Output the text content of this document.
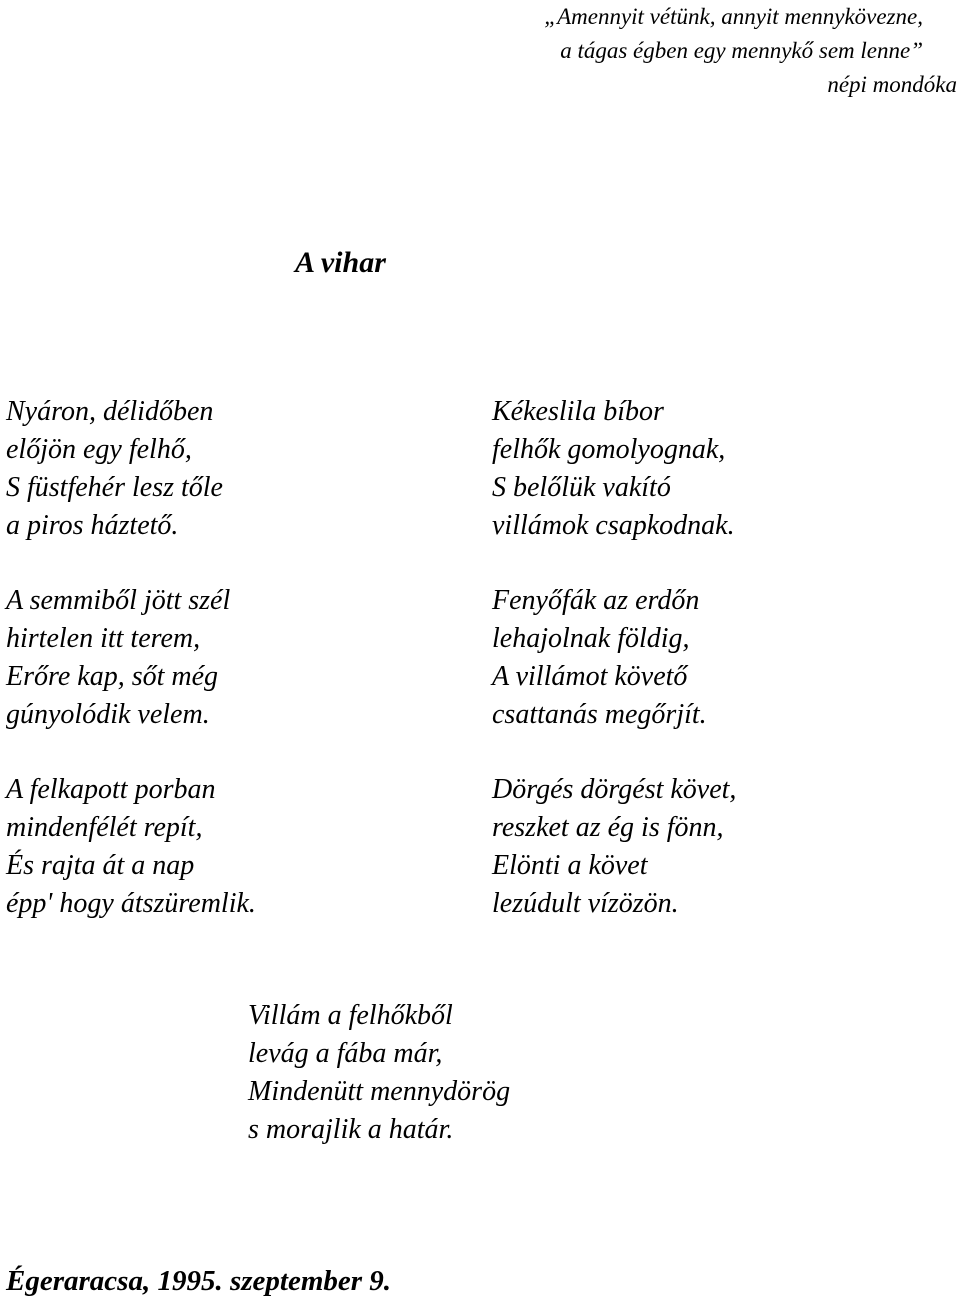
„Amennyit vétünk, annyit mennykövezne,
a tágas égben egy mennykő sem lenne”
népi mondóka
A vihar
Nyáron, délidőben
előjön egy felhő,
S füstfehér lesz tőle
a piros háztető.
A semmiből jött szél
hirtelen itt terem,
Erőre kap, sőt még
gúnyolódik velem.
A felkapott porban
mindenfélét repít,
És rajta át a nap
épp' hogy átszüremlik.
Kékeslila bíbor
felhők gomolyognak,
S belőlük vakító
villámok csapkodnak.
Fenyőfák az erdőn
lehajolnak földig,
A villámot követő
csattanás megőrjít.
Dörgés dörgést követ,
reszket az ég is fönn,
Elönti a követ
lezúdult vízözön.
Villám a felhőkből
levág a fába már,
Mindenütt mennydörög
s morajlik a határ.
Égeraracsa, 1995. szeptember 9.
